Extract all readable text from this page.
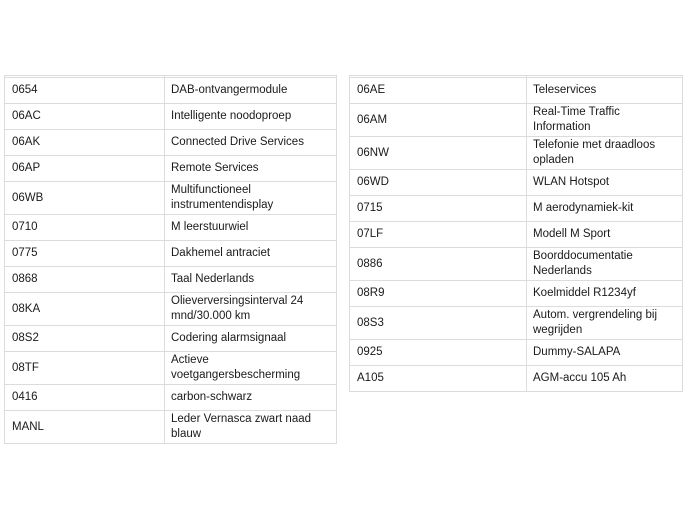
0654	DAB-ontvangermodule
06AC	Intelligente noodoproep
06AK	Connected Drive Services
06AP	Remote Services
06WB	Multifunctioneel instrumentendisplay
0710	M leerstuurwiel
0775	Dakhemel antraciet
0868	Taal Nederlands
08KA	Olieverversingsinterval 24 mnd/30.000 km
08S2	Codering alarmsignaal
08TF	Actieve voetgangersbescherming
0416	carbon-schwarz
MANL	Leder Vernasca zwart naad blauw

06AE	Teleservices
06AM	Real-Time Traffic Information
06NW	Telefonie met draadloos opladen
06WD	WLAN Hotspot
0715	M aerodynamiek-kit
07LF	Modell M Sport
0886	Boorddocumentatie Nederlands
08R9	Koelmiddel R1234yf
08S3	Autom. vergrendeling bij wegrijden
0925	Dummy-SALAPA
A105	AGM-accu 105 Ah
